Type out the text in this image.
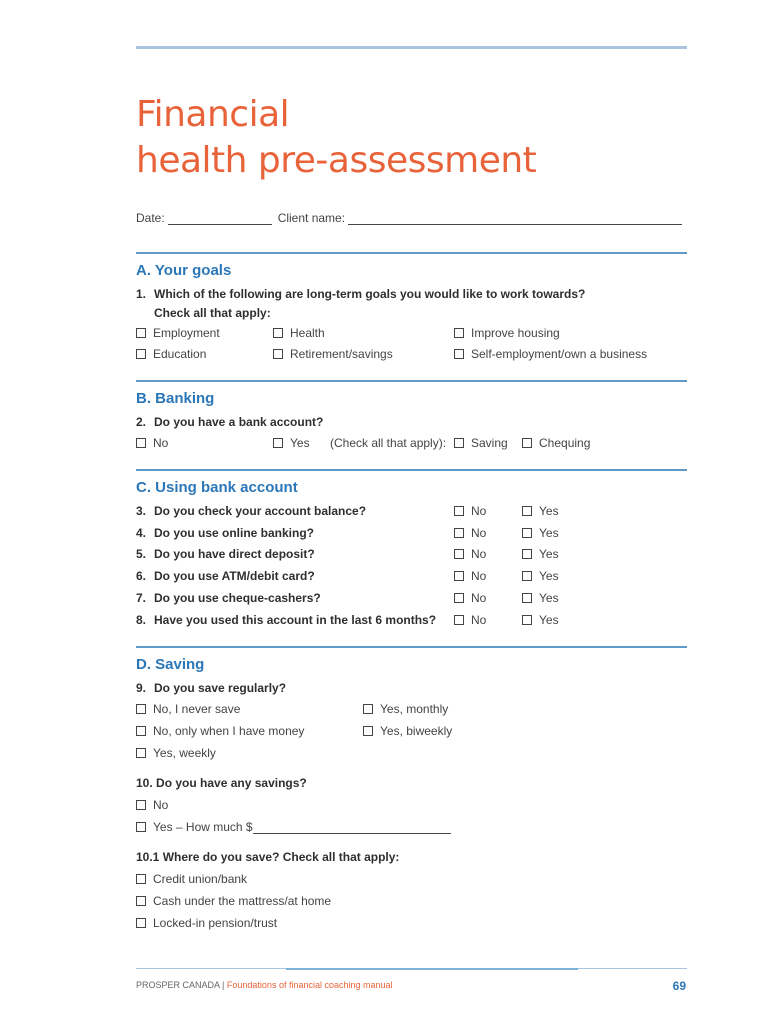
Financial
health pre-assessment
Date:	Client name:
A. Your goals
1. Which of the following are long-term goals you would like to work towards?
Check all that apply:
Employment	Health	Improve housing
Education	Retirement/savings	Self-employment/own a business
B. Banking
2. Do you have a bank account?
No	Yes (Check all that apply): Saving	Chequing
C. Using bank account
3. Do you check your account balance?	No	Yes
4. Do you use online banking?	No	Yes
5. Do you have direct deposit?	No	Yes
6. Do you use ATM/debit card?	No	Yes
7. Do you use cheque-cashers?	No	Yes
8. Have you used this account in the last 6 months?	No	Yes
D. Saving
9. Do you save regularly?
No, I never save	Yes, monthly
No, only when I have money	Yes, biweekly
Yes, weekly
10. Do you have any savings?
No
Yes – How much $
10.1 Where do you save? Check all that apply:
Credit union/bank
Cash under the mattress/at home
Locked-in pension/trust
PROSPER CANADA | Foundations of financial coaching manual	69
